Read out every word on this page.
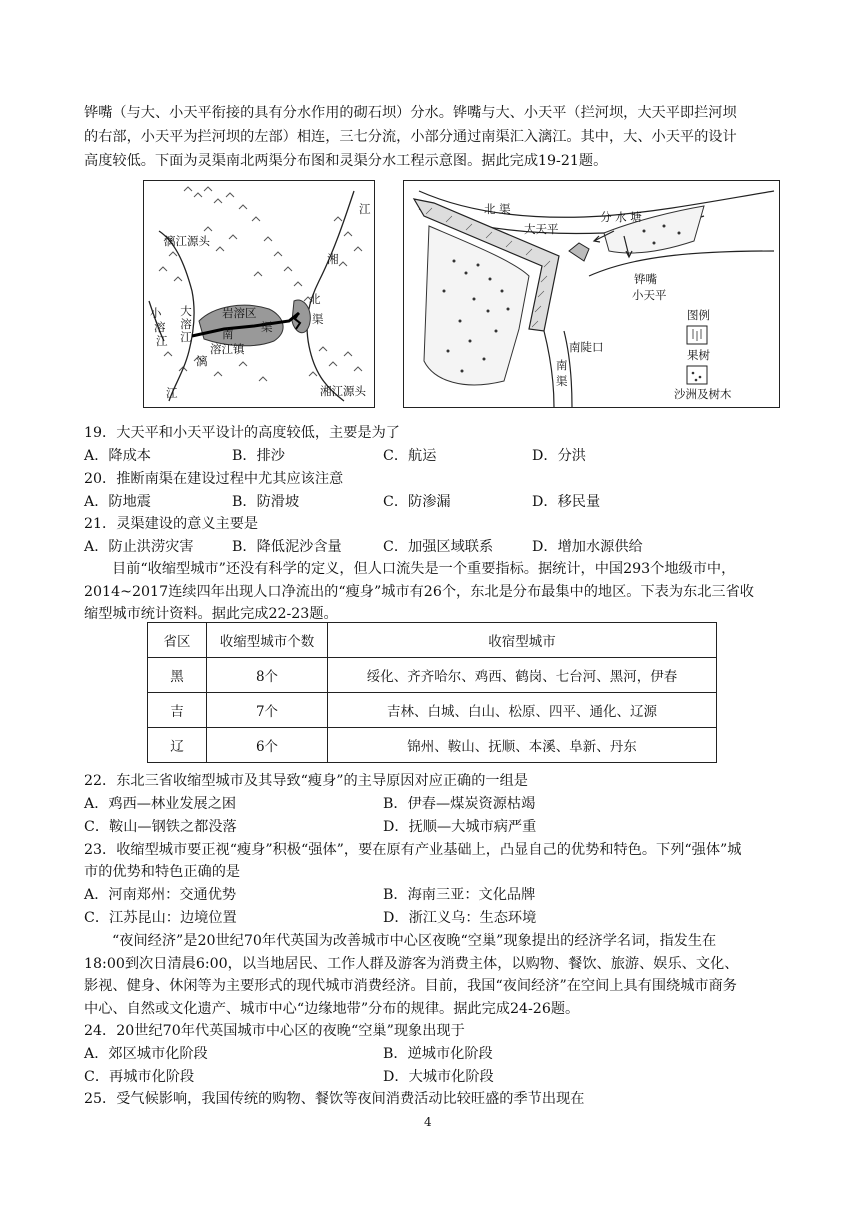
铧嘴（与大、小天平衔接的具有分水作用的砌石坝）分水。铧嘴与大、小天平（拦河坝，大天平即拦河坝
的右部，小天平为拦河坝的左部）相连，三七分流，小部分通过南渠汇入漓江。其中，大、小天平的设计
高度较低。下面为灵渠南北两渠分布图和灵渠分水工程示意图。据此完成19-21题。
漓江源头
江
湘
岩溶区
北
渠
南 渠
大溶江
小
溶
江
漓
溶江镇
江	湘江源头
北 渠
分 水 塘
大天平
铧嘴
小天平
南陡口
南
渠
图例
果树
沙洲及树木
19．大天平和小天平设计的高度较低，主要是为了
A．降成本	B．排沙	C．航运	D．分洪
20．推断南渠在建设过程中尤其应该注意
A．防地震	B．防滑坡	C．防渗漏	D．移民量
21．灵渠建设的意义主要是
A．防止洪涝灾害	B．降低泥沙含量	C．加强区域联系	D．增加水源供给
目前“收缩型城市”还没有科学的定义，但人口流失是一个重要指标。据统计，中国293个地级市中，
2014~2017连续四年出现人口净流出的“瘦身”城市有26个，东北是分布最集中的地区。下表为东北三省收
缩型城市统计资料。据此完成22-23题。
省区	收缩型城市个数	收宿型城市
黑	8个	绥化、齐齐哈尔、鸡西、鹤岗、七台河、黑河，伊春
吉	7个	吉林、白城、白山、松原、四平、通化、辽源
辽	6个	锦州、鞍山、抚顺、本溪、阜新、丹东
22．东北三省收缩型城市及其导致“瘦身”的主导原因对应正确的一组是
A．鸡西—林业发展之困	B．伊春—煤炭资源枯竭
C．鞍山—钢铁之都没落	D．抚顺—大城市病严重
23．收缩型城市要正视“瘦身”积极“强体”，要在原有产业基础上，凸显自己的优势和特色。下列“强体”城
市的优势和特色正确的是
A．河南郑州：交通优势	B．海南三亚：文化品牌
C．江苏昆山：边境位置	D．浙江义乌：生态环境
“夜间经济”是20世纪70年代英国为改善城市中心区夜晚“空巢”现象提出的经济学名词，指发生在
18:00到次日清晨6:00，以当地居民、工作人群及游客为消费主体，以购物、餐饮、旅游、娱乐、文化、
影视、健身、休闲等为主要形式的现代城市消费经济。目前，我国“夜间经济”在空间上具有围绕城市商务
中心、自然或文化遗产、城市中心“边缘地带”分布的规律。据此完成24-26题。
24．20世纪70年代英国城市中心区的夜晚“空巢”现象出现于
A．郊区城市化阶段	B．逆城市化阶段
C．再城市化阶段	D．大城市化阶段
25．受气候影响，我国传统的购物、餐饮等夜间消费活动比较旺盛的季节出现在
4
